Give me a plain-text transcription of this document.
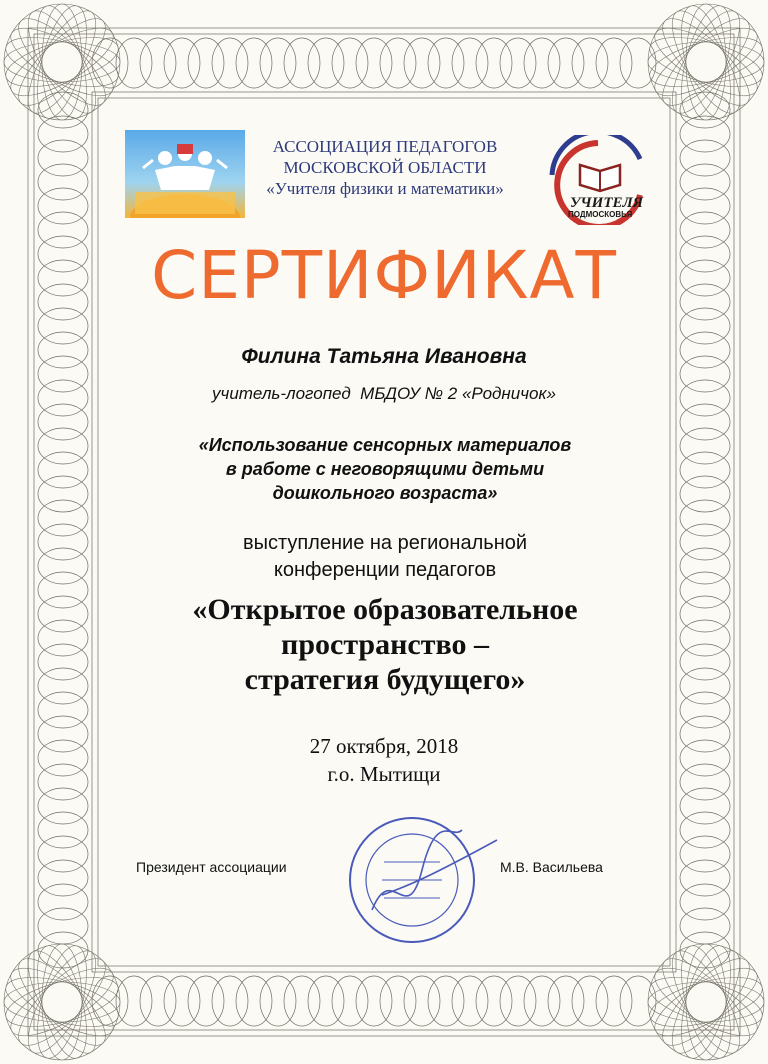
АССОЦИАЦИЯ ПЕДАГОГОВ
МОСКОВСКОЙ ОБЛАСТИ
«Учителя физики и математики»
УЧИТЕЛЯ
ПОДМОСКОВЬЯ
СЕРТИФИКАТ
Филина Татьяна Ивановна
учитель-логопед  МБДОУ № 2 «Родничок»
«Использование сенсорных материалов
в работе с неговорящими детьми
дошкольного возраста»
выступление на региональной
конференции педагогов
«Открытое образовательное
пространство –
стратегия будущего»
27 октября, 2018
г.о. Мытищи
Президент ассоциации	М.В. Васильева
